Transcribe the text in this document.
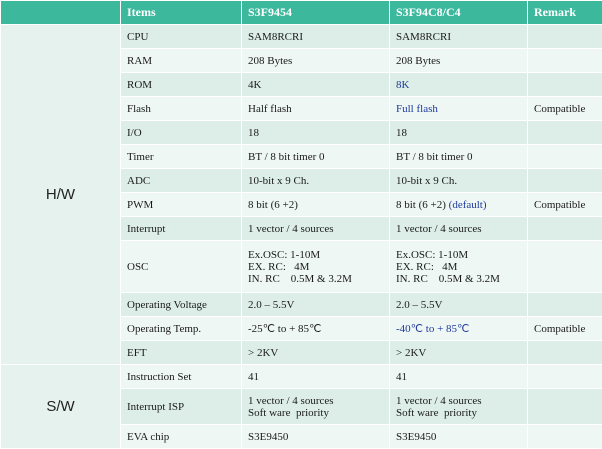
	Items	S3F9454	S3F94C8/C4	Remark
H/W	CPU	SAM8RCRI	SAM8RCRI	
	RAM	208 Bytes	208 Bytes	
	ROM	4K	8K	
	Flash	Half flash	Full flash	Compatible
	I/O	18	18	
	Timer	BT / 8 bit timer 0	BT / 8 bit timer 0	
	ADC	10-bit x 9 Ch.	10-bit x 9 Ch.	
	PWM	8 bit (6 +2)	8 bit (6 +2) (default)	Compatible
	Interrupt	1 vector / 4 sources	1 vector / 4 sources	
	OSC	Ex.OSC: 1-10M
EX. RC:   4M
IN. RC    0.5M & 3.2M	Ex.OSC: 1-10M
EX. RC:   4M
IN. RC    0.5M & 3.2M	
	Operating Voltage	2.0 – 5.5V	2.0 – 5.5V	
	Operating Temp.	-25℃ to + 85℃	-40℃ to + 85℃	Compatible
	EFT	> 2KV	> 2KV	
S/W	Instruction Set	41	41	
	Interrupt ISP	1 vector / 4 sources
Soft ware  priority	1 vector / 4 sources
Soft ware  priority	
	EVA chip	S3E9450	S3E9450	
